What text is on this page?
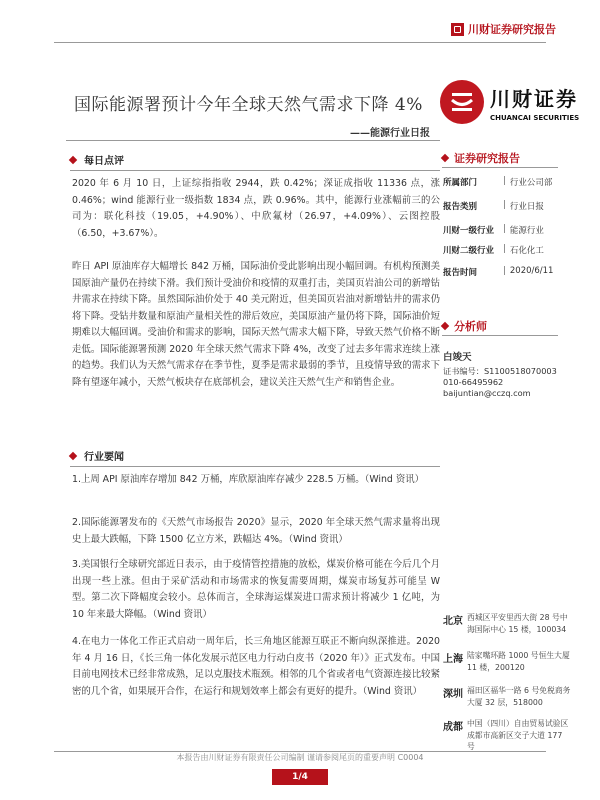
川财证券研究报告
国际能源署预计今年全球天然气需求下降 4%
——能源行业日报
川财证券
CHUANCAI SECURITIES
每日点评
2020 年 6 月 10 日，上证综指指收 2944，跌 0.42%；深证成指收 11336 点，涨 0.46%；wind 能源行业一级指数 1834 点，跌 0.96%。其中，能源行业涨幅前三的公司为：联化科技（19.05，+4.90%）、中欣氟材（26.97，+4.09%）、云图控股（6.50，+3.67%）。
昨日 API 原油库存大幅增长 842 万桶，国际油价受此影响出现小幅回调。有机构预测美国原油产量仍在持续下滑。我们预计受油价和疫情的双重打击，美国页岩油公司的新增钻井需求在持续下降。虽然国际油价处于 40 美元附近，但美国页岩油对新增钻井的需求仍将下降。受钻井数量和原油产量相关性的滞后效应，美国原油产量仍将下降，国际油价短期难以大幅回调。受油价和需求的影响，国际天然气需求大幅下降，导致天然气价格不断走低。国际能源署预测 2020 年全球天然气需求下降 4%，改变了过去多年需求连续上涨的趋势。我们认为天然气需求存在季节性，夏季是需求最弱的季节，且疫情导致的需求下降有望逐年减小，天然气板块存在底部机会，建议关注天然气生产和销售企业。
行业要闻
1.上周 API 原油库存增加 842 万桶，库欣原油库存减少 228.5 万桶。（Wind 资讯）
2.国际能源署发布的《天然气市场报告 2020》显示，2020 年全球天然气需求量将出现史上最大跌幅，下降 1500 亿立方米，跌幅达 4%。（Wind 资讯）
3.美国银行全球研究部近日表示，由于疫情管控措施的放松，煤炭价格可能在今后几个月出现一些上涨。但由于采矿活动和市场需求的恢复需要周期，煤炭市场复苏可能呈 W 型。第二次下降幅度会较小。总体而言，全球海运煤炭进口需求预计将减少 1 亿吨，为 10 年来最大降幅。（Wind 资讯）
4.在电力一体化工作正式启动一周年后，长三角地区能源互联正不断向纵深推进。2020 年 4 月 16 日，《长三角一体化发展示范区电力行动白皮书（2020 年）》正式发布。中国目前电网技术已经非常成熟，足以克服技术瓶颈。相邻的几个省或者电气资源连接比较紧密的几个省，如果展开合作，在运行和规划效率上都会有更好的提升。（Wind 资讯）
证券研究报告
所属部门	| 行业公司部
报告类别	| 行业日报
川财一级行业	| 能源行业
川财二级行业	| 石化化工
报告时间	| 2020/6/11
分析师
白竣天
证书编号：S1100518070003
010-66495962
baijuntian@cczq.com
北京 西城区平安里西大街 28 号中海国际中心 15 楼，100034
上海 陆家嘴环路 1000 号恒生大厦 11 楼，200120
深圳 福田区福华一路 6 号免税商务大厦 32 层，518000
成都 中国（四川）自由贸易试验区成都市高新区交子大道 177 号
本报告由川财证券有限责任公司编制 谨请参阅尾页的重要声明 C0004
1/4
